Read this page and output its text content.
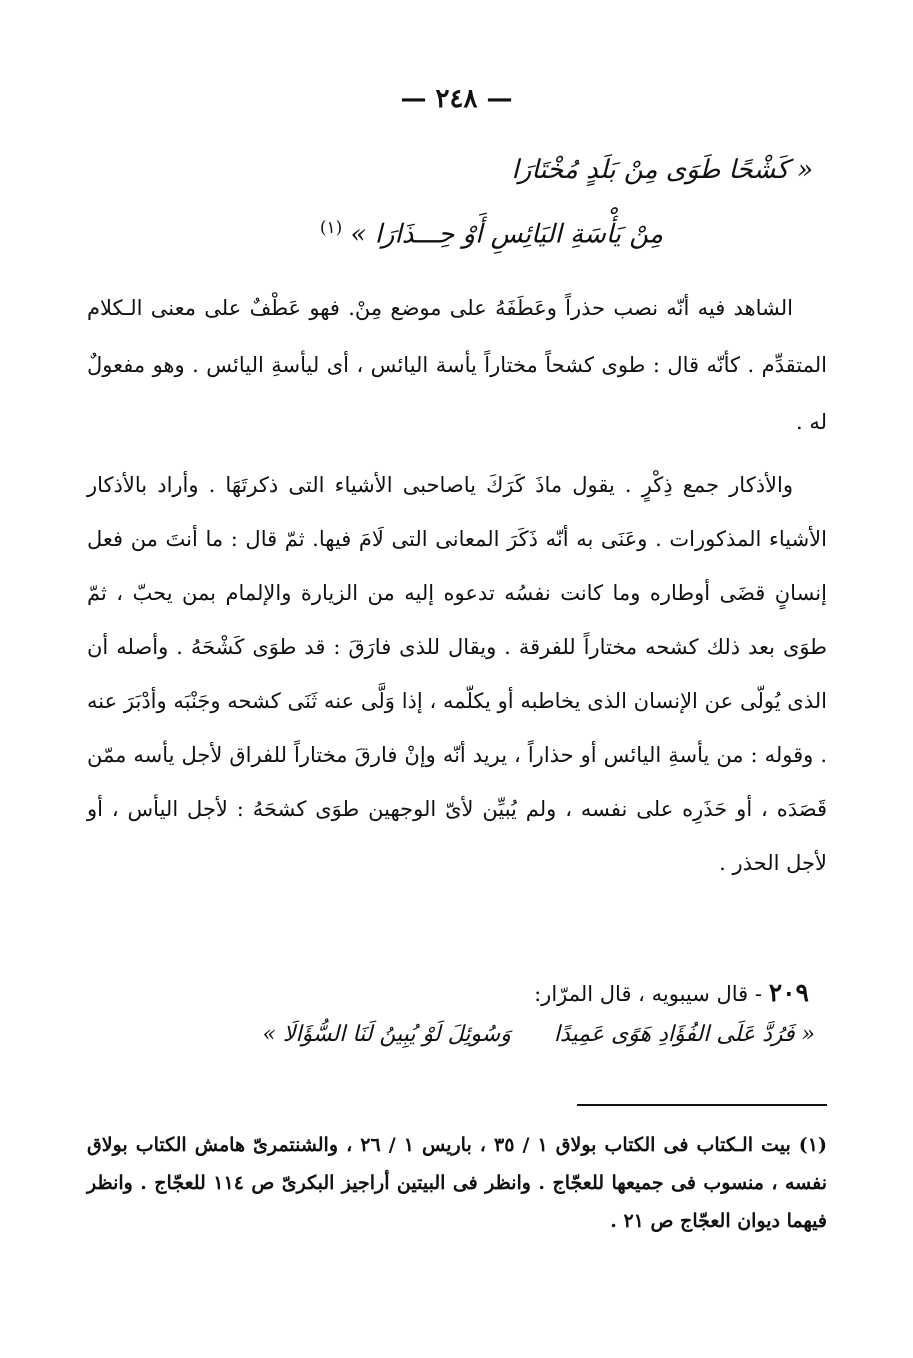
— ٢٤٨ —
« كَشْحًا طَوَى مِنْ بَلَدٍ مُخْتَارَا
مِنْ يَأْسَةِ اليَائِسِ أَوْ حِـــذَارَا » $^{(١)}$

الشاهد فيه أنّه نصب حذراً وعَطَفَهُ على موضع مِنْ. فهو عَطْفٌ على معنى الـكلام المتقدِّم . كأنّه قال : طوى كشحاً مختاراً يأسة اليائس ، أى ليأسةِ اليائس . وهو مفعولٌ له .

والأذكار جمع ذِكْرٍ . يقول ماذَ كَرَكَ ياصاحبى الأشياء التى ذكرتَهَا . وأراد بالأذكار الأشياء المذكورات . وعَنَى به أنّه ذَكَرَ المعانى التى لَامَ فيها. ثمّ قال : ما أنتَ من فعل إنسانٍ قضَى أوطاره وما كانت نفسُه تدعوه إليه من الزيارة والإلمام بمن يحبّ ، ثمّ طوَى بعد ذلك كشحه مختاراً للفرقة . ويقال للذى فارَقَ : قد طوَى كَشْحَهُ . وأصله أن الذى يُولّى عن الإنسان الذى يخاطبه أو يكلّمه ، إذا وَلَّى عنه ثَنَى كشحه وجَنْبَه وأدْبَرَ عنه . وقوله : من يأسةِ اليائس أو حذاراً ، يريد أنّه وإنْ فارقَ مختاراً للفراق لأجل يأسه ممّن قَصَدَه ، أو حَذَرِه على نفسه ، ولم يُبيِّن لأىّ الوجهين طوَى كشحَهُ : لأجل اليأس ، أو لأجل الحذر .

٢٠٩ - قال سيبويه ، قال المرّار:
« فَرُدَّ عَلَى الفُؤَادِ هَوًى عَمِيدًا وَسُوئِلَ لَوْ يُبِينُ لَنَا السُّؤَالَا »

(١) بيت الـكتاب فى الكتاب بولاق ١ / ٣٥ ، باريس ١ / ٢٦ ، والشنتمرىّ هامش الكتاب بولاق نفسه ، منسوب فى جميعها للعجّاج . وانظر فى البيتين أراجيز البكرىّ ص ١١٤ للعجّاج . وانظر فيهما ديوان العجّاج ص ٢١ .
